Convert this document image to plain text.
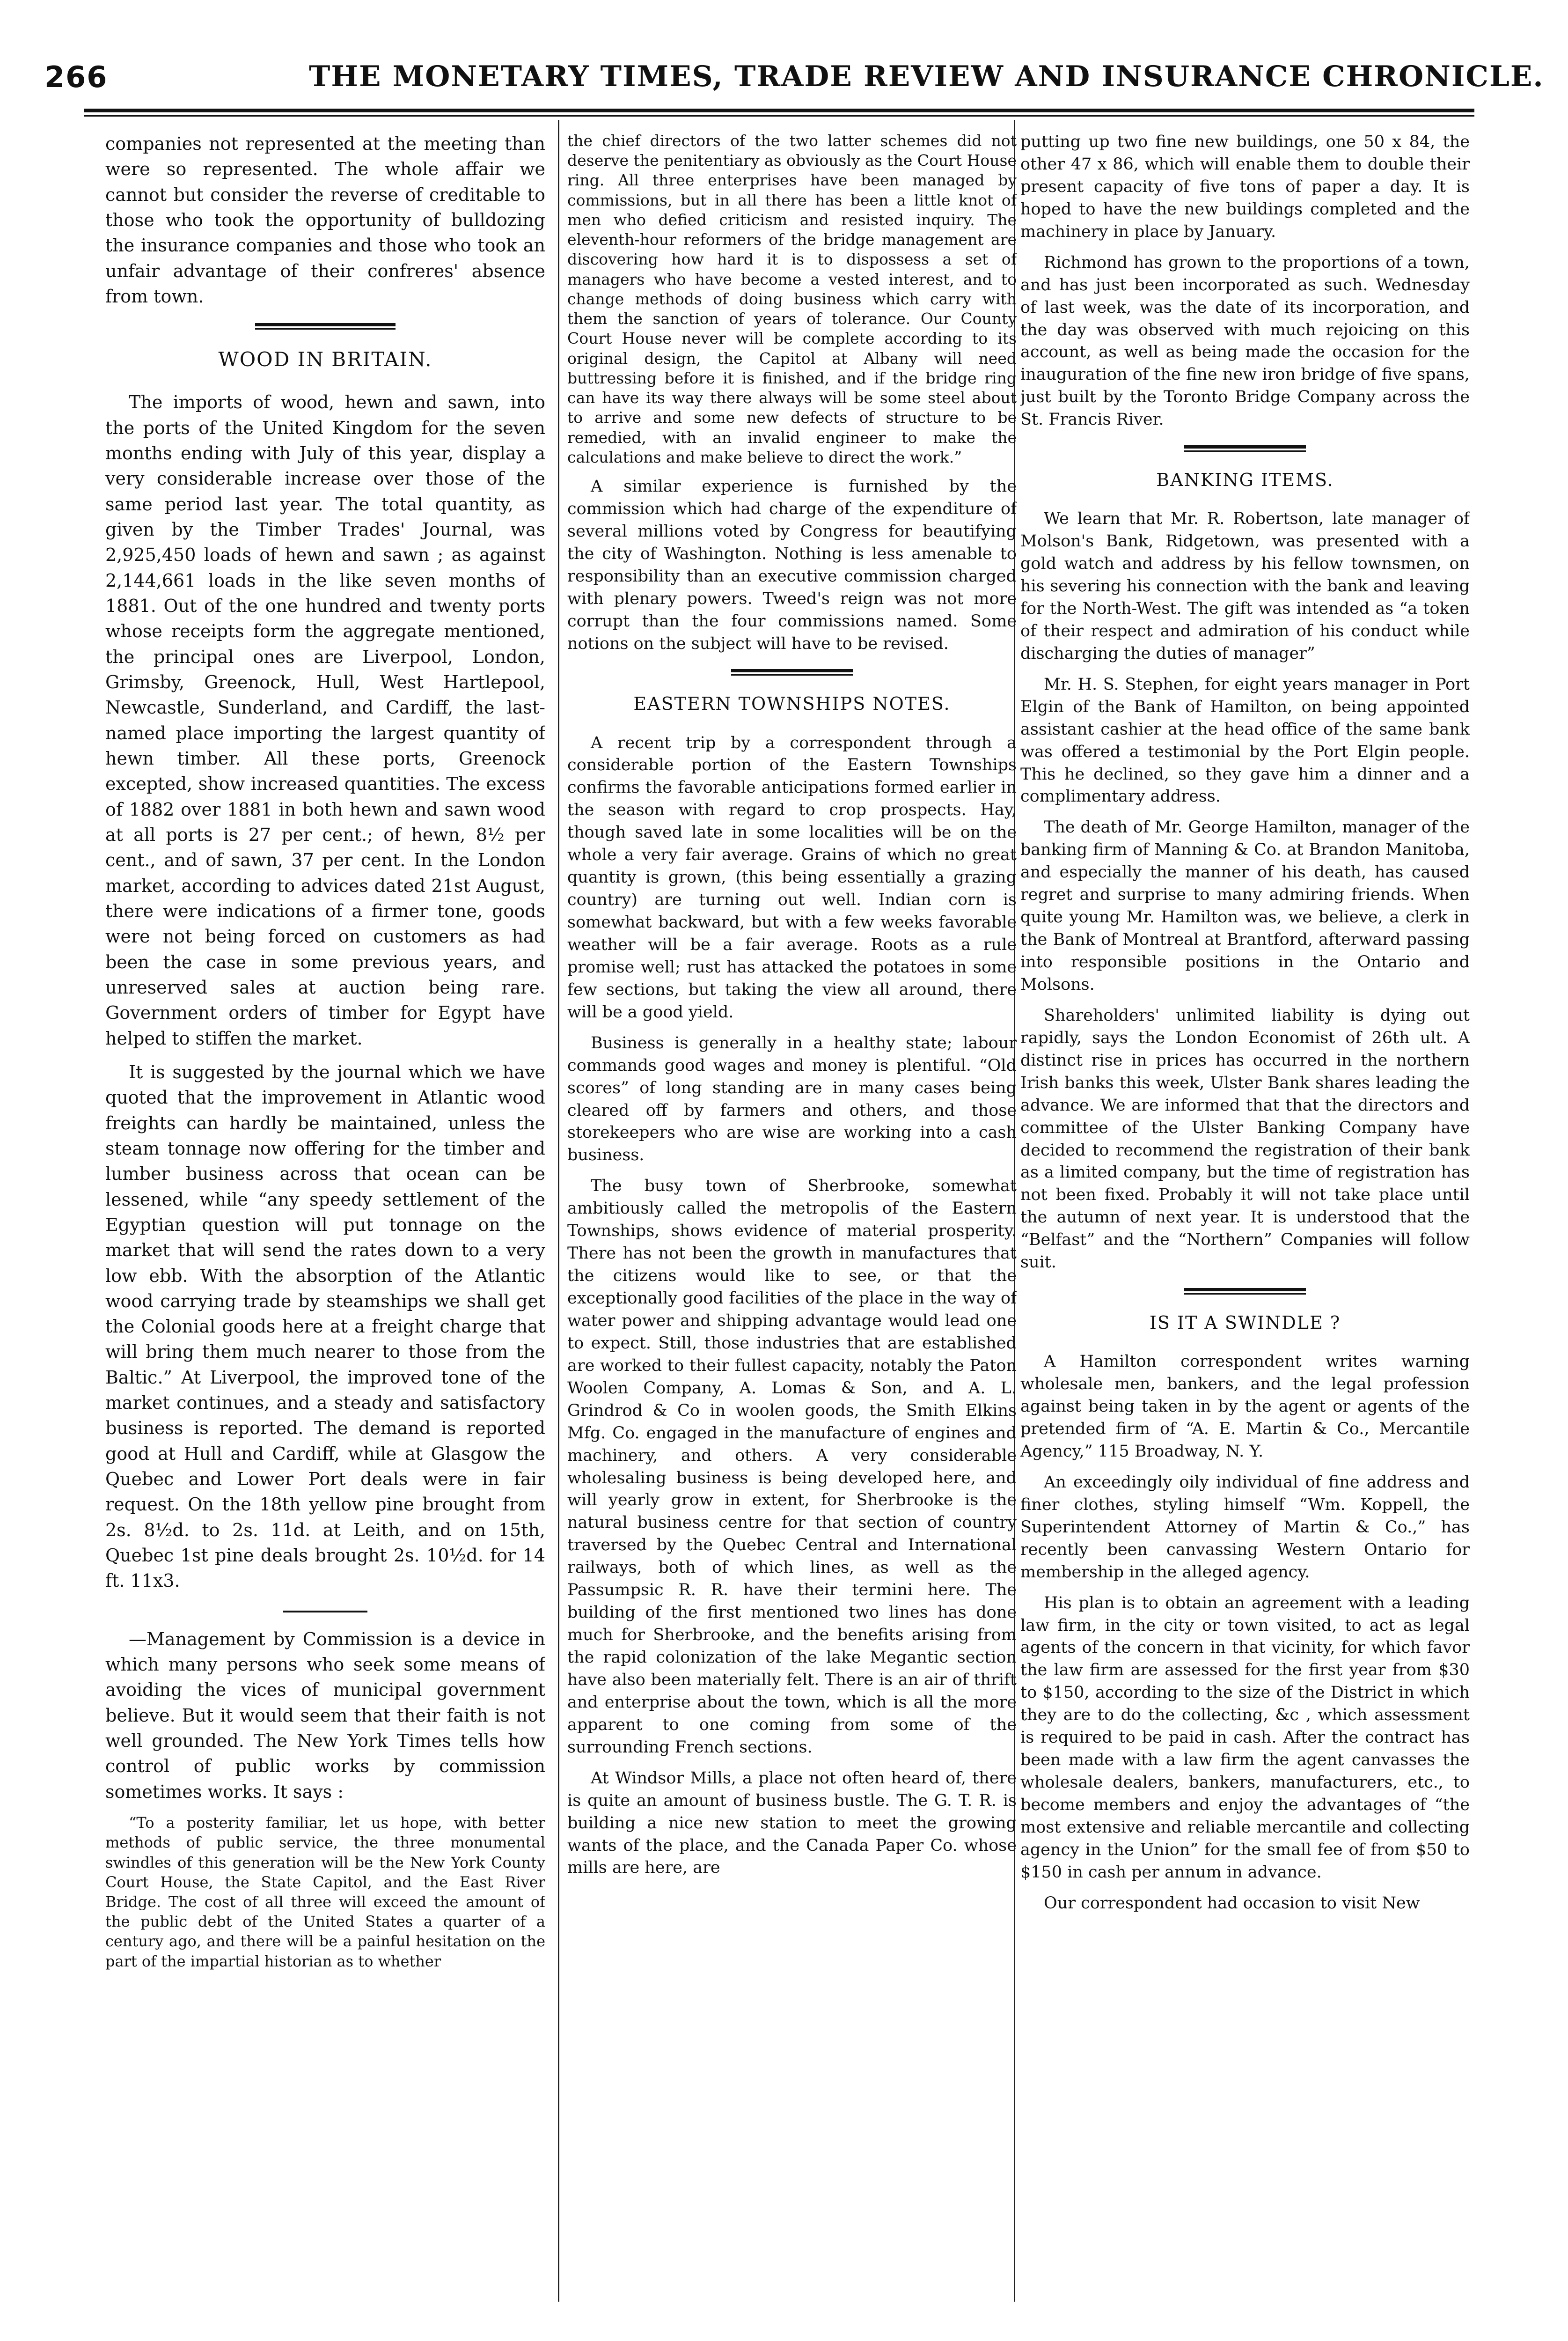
266	THE MONETARY TIMES, TRADE REVIEW AND INSURANCE CHRONICLE.

companies not represented at the meeting than were so represented. The whole affair we cannot but consider the reverse of creditable to those who took the opportunity of bulldozing the insurance companies and those who took an unfair advantage of their confreres' absence from town.

WOOD IN BRITAIN.

The imports of wood, hewn and sawn, into the ports of the United Kingdom for the seven months ending with July of this year, display a very considerable increase over those of the same period last year. The total quantity, as given by the Timber Trades' Journal, was 2,925,450 loads of hewn and sawn ; as against 2,144,661 loads in the like seven months of 1881. Out of the one hundred and twenty ports whose receipts form the aggregate mentioned, the principal ones are Liverpool, London, Grimsby, Greenock, Hull, West Hartlepool, Newcastle, Sunderland, and Cardiff, the last-named place importing the largest quantity of hewn timber. All these ports, Greenock excepted, show increased quantities. The excess of 1882 over 1881 in both hewn and sawn wood at all ports is 27 per cent.; of hewn, 8½ per cent., and of sawn, 37 per cent. In the London market, according to advices dated 21st August, there were indications of a firmer tone, goods were not being forced on customers as had been the case in some previous years, and unreserved sales at auction being rare. Government orders of timber for Egypt have helped to stiffen the market.

It is suggested by the journal which we have quoted that the improvement in Atlantic wood freights can hardly be maintained, unless the steam tonnage now offering for the timber and lumber business across that ocean can be lessened, while “any speedy settlement of the Egyptian question will put tonnage on the market that will send the rates down to a very low ebb. With the absorption of the Atlantic wood carrying trade by steamships we shall get the Colonial goods here at a freight charge that will bring them much nearer to those from the Baltic.” At Liverpool, the improved tone of the market continues, and a steady and satisfactory business is reported. The demand is reported good at Hull and Cardiff, while at Glasgow the Quebec and Lower Port deals were in fair request. On the 18th yellow pine brought from 2s. 8½d. to 2s. 11d. at Leith, and on 15th, Quebec 1st pine deals brought 2s. 10½d. for 14 ft. 11x3.

—Management by Commission is a device in which many persons who seek some means of avoiding the vices of municipal government believe. But it would seem that their faith is not well grounded. The New York Times tells how control of public works by commission sometimes works. It says :

“To a posterity familiar, let us hope, with better methods of public service, the three monumental swindles of this generation will be the New York County Court House, the State Capitol, and the East River Bridge. The cost of all three will exceed the amount of the public debt of the United States a quarter of a century ago, and there will be a painful hesitation on the part of the impartial historian as to whether

the chief directors of the two latter schemes did not deserve the penitentiary as obviously as the Court House ring. All three enterprises have been managed by commissions, but in all there has been a little knot of men who defied criticism and resisted inquiry. The eleventh-hour reformers of the bridge management are discovering how hard it is to dispossess a set of managers who have become a vested interest, and to change methods of doing business which carry with them the sanction of years of tolerance. Our County Court House never will be complete according to its original design, the Capitol at Albany will need buttressing before it is finished, and if the bridge ring can have its way there always will be some steel about to arrive and some new defects of structure to be remedied, with an invalid engineer to make the calculations and make believe to direct the work.”

A similar experience is furnished by the commission which had charge of the expenditure of several millions voted by Congress for beautifying the city of Washington. Nothing is less amenable to responsibility than an executive commission charged with plenary powers. Tweed's reign was not more corrupt than the four commissions named. Some notions on the subject will have to be revised.

EASTERN TOWNSHIPS NOTES.

A recent trip by a correspondent through a considerable portion of the Eastern Townships confirms the favorable anticipations formed earlier in the season with regard to crop prospects. Hay, though saved late in some localities will be on the whole a very fair average. Grains of which no great quantity is grown, (this being essentially a grazing country) are turning out well. Indian corn is somewhat backward, but with a few weeks favorable weather will be a fair average. Roots as a rule promise well; rust has attacked the potatoes in some few sections, but taking the view all around, there will be a good yield.

Business is generally in a healthy state; labour commands good wages and money is plentiful. “Old scores” of long standing are in many cases being cleared off by farmers and others, and those storekeepers who are wise are working into a cash business.

The busy town of Sherbrooke, somewhat ambitiously called the metropolis of the Eastern Townships, shows evidence of material prosperity. There has not been the growth in manufactures that the citizens would like to see, or that the exceptionally good facilities of the place in the way of water power and shipping advantage would lead one to expect. Still, those industries that are established are worked to their fullest capacity, notably the Paton Woolen Company, A. Lomas & Son, and A. L. Grindrod & Co in woolen goods, the Smith Elkins Mfg. Co. engaged in the manufacture of engines and machinery, and others. A very considerable wholesaling business is being developed here, and will yearly grow in extent, for Sherbrooke is the natural business centre for that section of country traversed by the Quebec Central and International railways, both of which lines, as well as the Passumpsic R. R. have their termini here. The building of the first mentioned two lines has done much for Sherbrooke, and the benefits arising from the rapid colonization of the lake Megantic section have also been materially felt. There is an air of thrift and enterprise about the town, which is all the more apparent to one coming from some of the surrounding French sections.

At Windsor Mills, a place not often heard of, there is quite an amount of business bustle. The G. T. R. is building a nice new station to meet the growing wants of the place, and the Canada Paper Co. whose mills are here, are

putting up two fine new buildings, one 50 x 84, the other 47 x 86, which will enable them to double their present capacity of five tons of paper a day. It is hoped to have the new buildings completed and the machinery in place by January.

Richmond has grown to the proportions of a town, and has just been incorporated as such. Wednesday of last week, was the date of its incorporation, and the day was observed with much rejoicing on this account, as well as being made the occasion for the inauguration of the fine new iron bridge of five spans, just built by the Toronto Bridge Company across the St. Francis River.

BANKING ITEMS.

We learn that Mr. R. Robertson, late manager of Molson's Bank, Ridgetown, was presented with a gold watch and address by his fellow townsmen, on his severing his connection with the bank and leaving for the North-West. The gift was intended as “a token of their respect and admiration of his conduct while discharging the duties of manager”

Mr. H. S. Stephen, for eight years manager in Port Elgin of the Bank of Hamilton, on being appointed assistant cashier at the head office of the same bank was offered a testimonial by the Port Elgin people. This he declined, so they gave him a dinner and a complimentary address.

The death of Mr. George Hamilton, manager of the banking firm of Manning & Co. at Brandon Manitoba, and especially the manner of his death, has caused regret and surprise to many admiring friends. When quite young Mr. Hamilton was, we believe, a clerk in the Bank of Montreal at Brantford, afterward passing into responsible positions in the Ontario and Molsons.

Shareholders' unlimited liability is dying out rapidly, says the London Economist of 26th ult. A distinct rise in prices has occurred in the northern Irish banks this week, Ulster Bank shares leading the advance. We are informed that that the directors and committee of the Ulster Banking Company have decided to recommend the registration of their bank as a limited company, but the time of registration has not been fixed. Probably it will not take place until the autumn of next year. It is understood that the “Belfast” and the “Northern” Companies will follow suit.

IS IT A SWINDLE ?

A Hamilton correspondent writes warning wholesale men, bankers, and the legal profession against being taken in by the agent or agents of the pretended firm of “A. E. Martin & Co., Mercantile Agency,” 115 Broadway, N. Y.

An exceedingly oily individual of fine address and finer clothes, styling himself “Wm. Koppell, the Superintendent Attorney of Martin & Co.,” has recently been canvassing Western Ontario for membership in the alleged agency.

His plan is to obtain an agreement with a leading law firm, in the city or town visited, to act as legal agents of the concern in that vicinity, for which favor the law firm are assessed for the first year from $30 to $150, according to the size of the District in which they are to do the collecting, &c , which assessment is required to be paid in cash. After the contract has been made with a law firm the agent canvasses the wholesale dealers, bankers, manufacturers, etc., to become members and enjoy the advantages of “the most extensive and reliable mercantile and collecting agency in the Union” for the small fee of from $50 to $150 in cash per annum in advance.

Our correspondent had occasion to visit New
